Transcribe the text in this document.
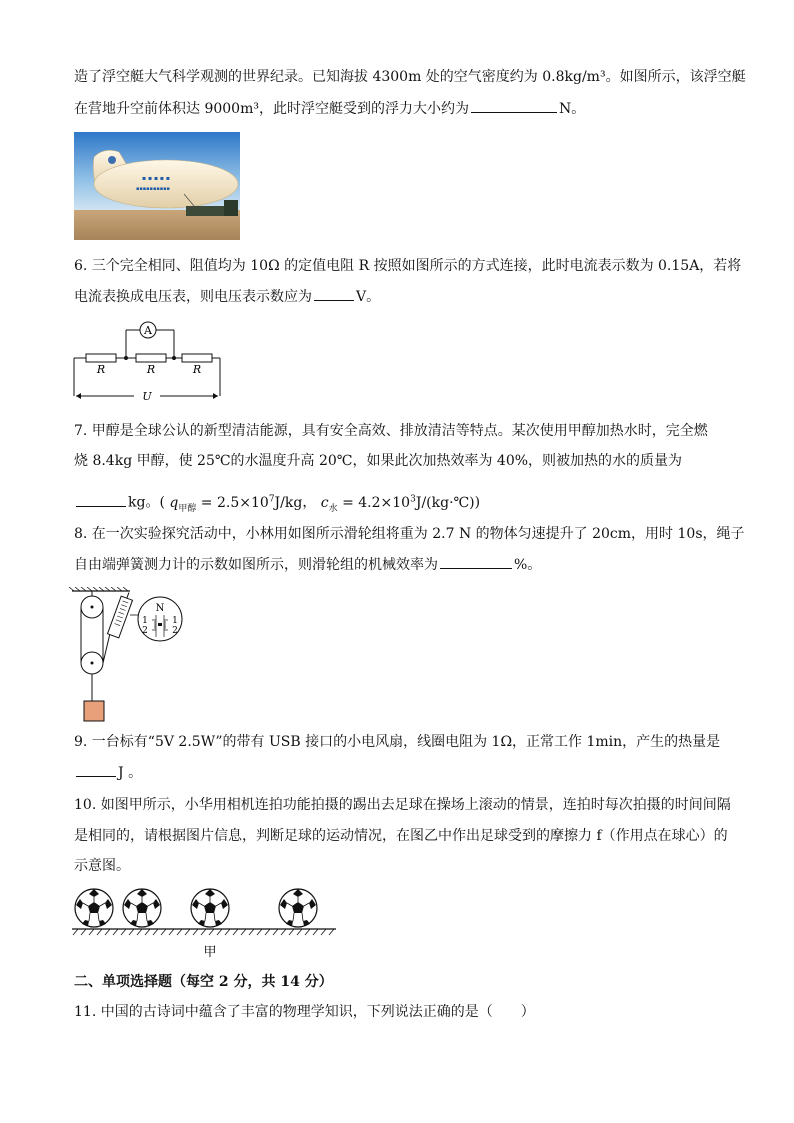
造了浮空艇大气科学观测的世界纪录。已知海拔 4300m 处的空气密度约为 0.8kg/m³。如图所示，该浮空艇
在营地升空前体积达 9000m³，此时浮空艇受到的浮力大小约为	N。
▪ ▪ ▪ ▪ ▪
▪▪▪▪▪▪▪▪▪▪
6. 三个完全相同、阻值均为 10Ω 的定值电阻 R 按照如图所示的方式连接，此时电流表示数为 0.15A，若将
电流表换成电压表，则电压表示数应为	V。
A
R	R	R
U
7. 甲醇是全球公认的新型清洁能源，具有安全高效、排放清洁等特点。某次使用甲醇加热水时，完全燃
烧 8.4kg 甲醇，使 25℃的水温度升高 20℃，如果此次加热效率为 40%，则被加热的水的质量为
kg。( $q_{甲醇} = 2.5\times 10^7J/kg$， $c_水$ = $4.2\times 10^3J/(kg\cdot℃)$)
8. 在一次实验探究活动中，小林用如图所示滑轮组将重为 2.7 N 的物体匀速提升了 20cm，用时 10s，绳子
自由端弹簧测力计的示数如图所示，则滑轮组的机械效率为	%。
N
1
2
1
2
9. 一台标有“5V 2.5W”的带有 USB 接口的小电风扇，线圈电阻为 1Ω，正常工作 1min，产生的热量是
J 。
10. 如图甲所示，小华用相机连拍功能拍摄的踢出去足球在操场上滚动的情景，连拍时每次拍摄的时间间隔
是相同的，请根据图片信息，判断足球的运动情况，在图乙中作出足球受到的摩擦力 f（作用点在球心）的
示意图。
甲
二、单项选择题（每空 2 分，共 14 分）
11. 中国的古诗词中蕴含了丰富的物理学知识，下列说法正确的是（　　）
